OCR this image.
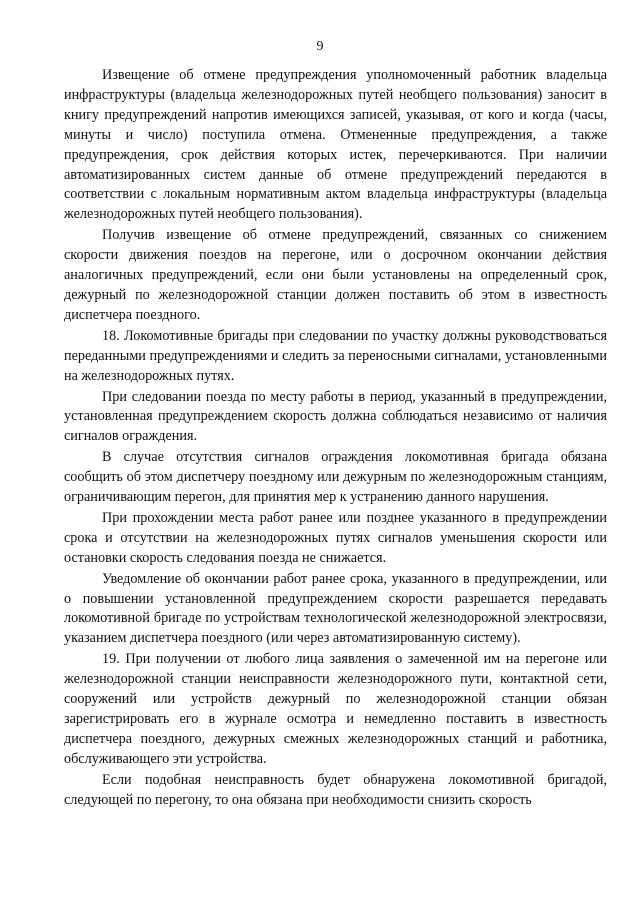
9

Извещение об отмене предупреждения уполномоченный работник владельца инфраструктуры (владельца железнодорожных путей необщего пользования) заносит в книгу предупреждений напротив имеющихся записей, указывая, от кого и когда (часы, минуты и число) поступила отмена. Отмененные предупреждения, а также предупреждения, срок действия которых истек, перечеркиваются. При наличии автоматизированных систем данные об отмене предупреждений передаются в соответствии с локальным нормативным актом владельца инфраструктуры (владельца железнодорожных путей необщего пользования).

Получив извещение об отмене предупреждений, связанных со снижением скорости движения поездов на перегоне, или о досрочном окончании действия аналогичных предупреждений, если они были установлены на определенный срок, дежурный по железнодорожной станции должен поставить об этом в известность диспетчера поездного.

18. Локомотивные бригады при следовании по участку должны руководствоваться переданными предупреждениями и следить за переносными сигналами, установленными на железнодорожных путях.

При следовании поезда по месту работы в период, указанный в предупреждении, установленная предупреждением скорость должна соблюдаться независимо от наличия сигналов ограждения.

В случае отсутствия сигналов ограждения локомотивная бригада обязана сообщить об этом диспетчеру поездному или дежурным по железнодорожным станциям, ограничивающим перегон, для принятия мер к устранению данного нарушения.

При прохождении места работ ранее или позднее указанного в предупреждении срока и отсутствии на железнодорожных путях сигналов уменьшения скорости или остановки скорость следования поезда не снижается.

Уведомление об окончании работ ранее срока, указанного в предупреждении, или о повышении установленной предупреждением скорости разрешается передавать локомотивной бригаде по устройствам технологической железнодорожной электросвязи, указанием диспетчера поездного (или через автоматизированную систему).

19. При получении от любого лица заявления о замеченной им на перегоне или железнодорожной станции неисправности железнодорожного пути, контактной сети, сооружений или устройств дежурный по железнодорожной станции обязан зарегистрировать его в журнале осмотра и немедленно поставить в известность диспетчера поездного, дежурных смежных железнодорожных станций и работника, обслуживающего эти устройства.

Если подобная неисправность будет обнаружена локомотивной бригадой, следующей по перегону, то она обязана при необходимости снизить скорость
